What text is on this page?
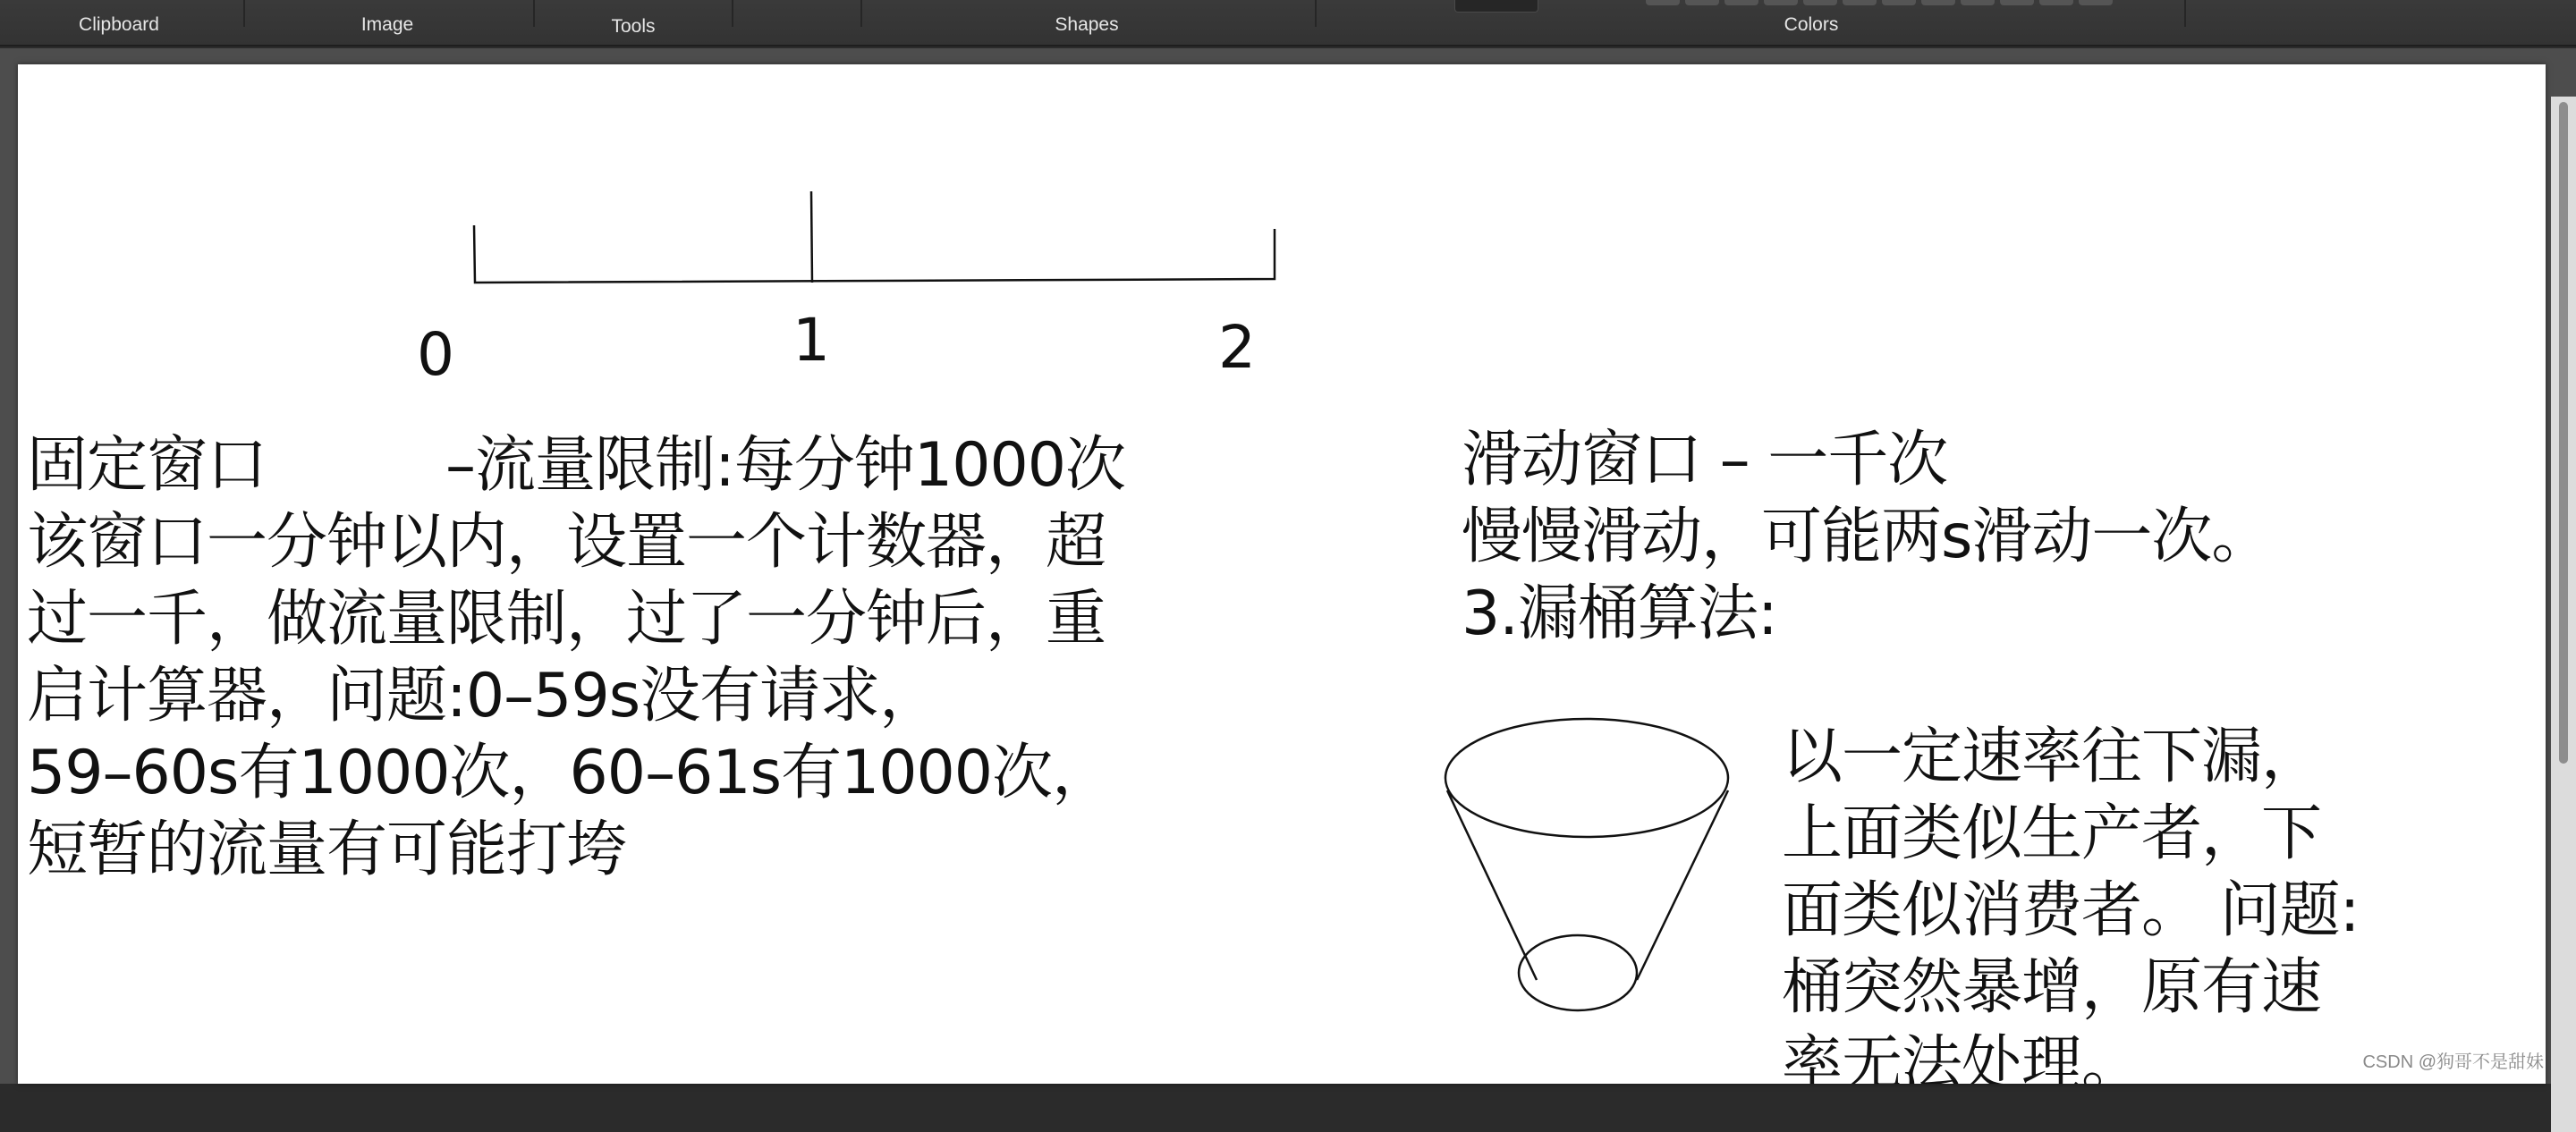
Clipboard	Image	Tools	Shapes	Colors
0	1	2
固定窗口	–流量限制:每分钟1000次
该窗口一分钟以内，设置一个计数器，超
过一千，做流量限制，过了一分钟后，重
启计算器，问题:0–59s没有请求，
59–60s有1000次，60–61s有1000次，
短暂的流量有可能打垮
滑动窗口 – 一千次
慢慢滑动，可能两s滑动一次。
3.漏桶算法:
以一定速率往下漏，
上面类似生产者，下
面类似消费者。 问题:
桶突然暴增，原有速
率无法处理。
CSDN @狗哥不是甜妹
